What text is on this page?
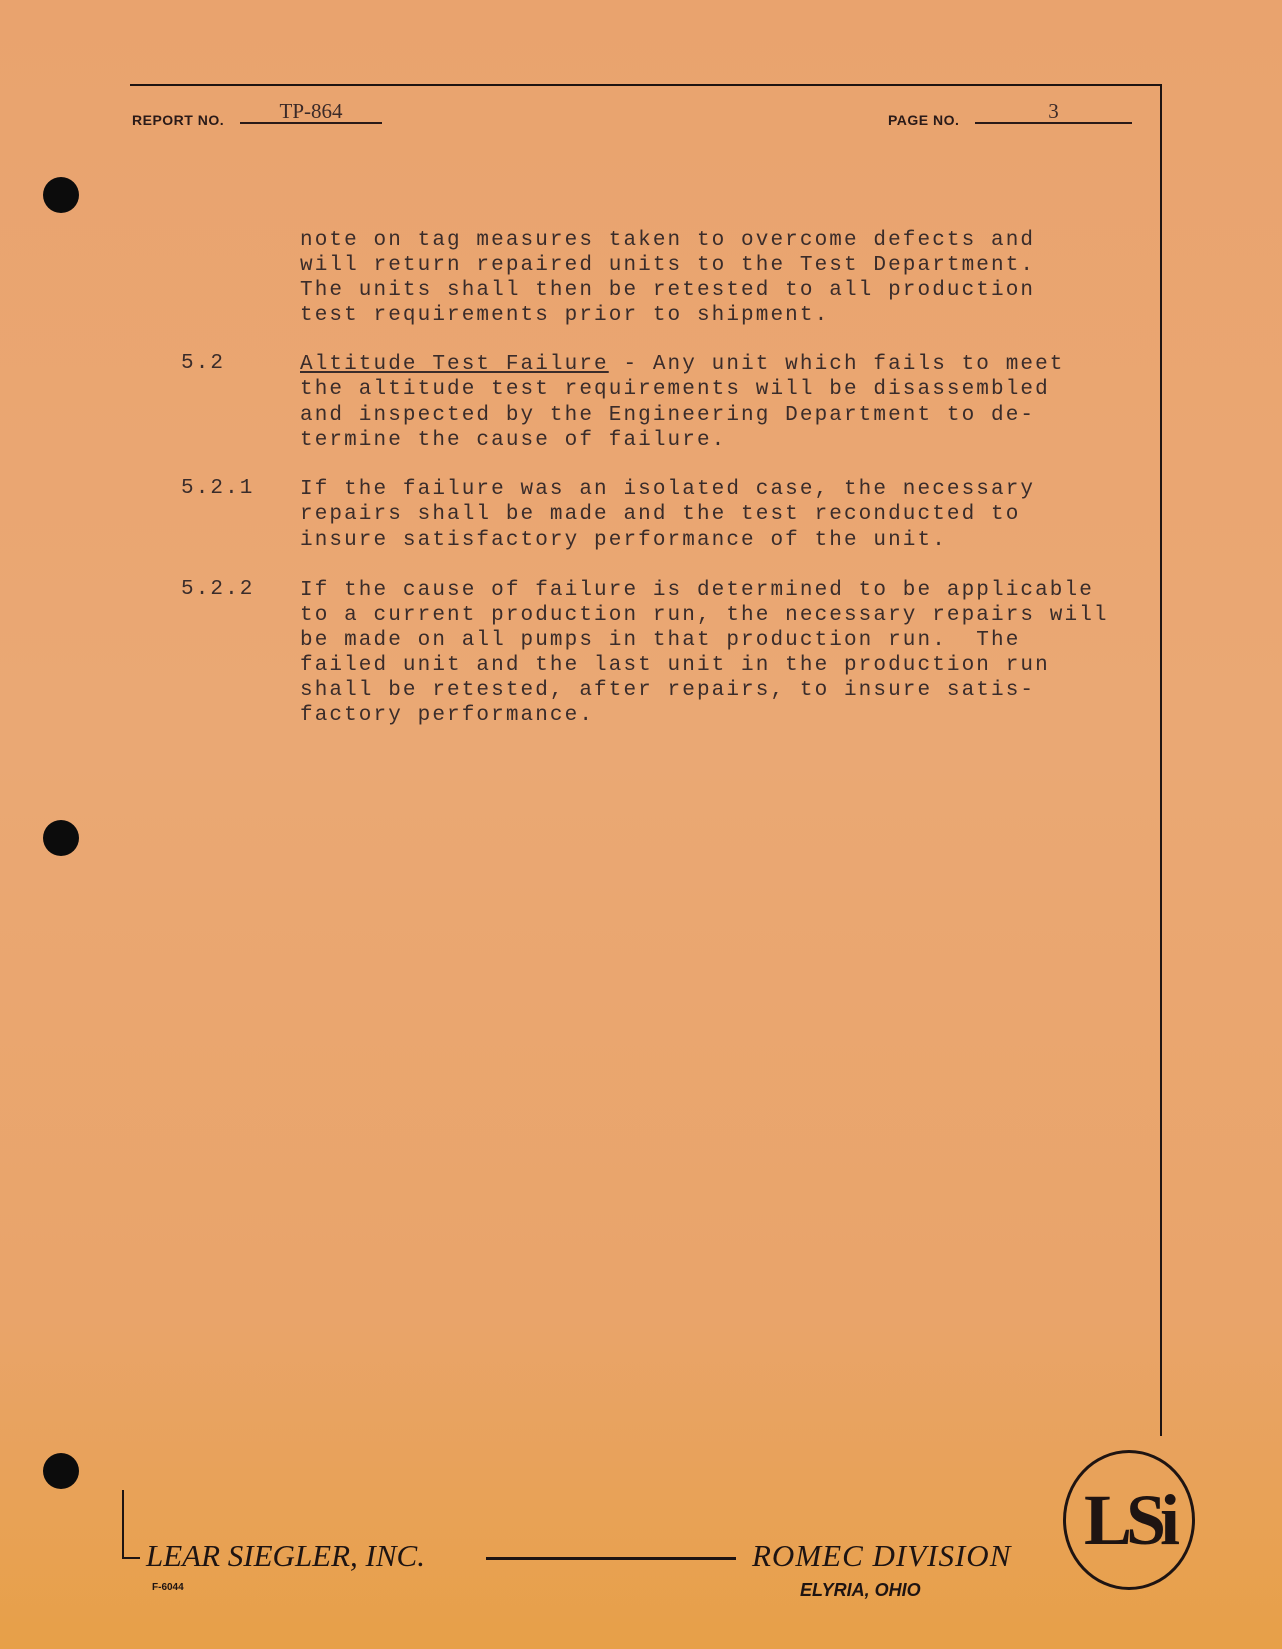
REPORT NO.	TP-864	PAGE NO.	3
note on tag measures taken to overcome defects and
will return repaired units to the Test Department.
The units shall then be retested to all production
test requirements prior to shipment.
5.2	Altitude Test Failure - Any unit which fails to meet
the altitude test requirements will be disassembled
and inspected by the Engineering Department to de-
termine the cause of failure.
5.2.1 If the failure was an isolated case, the necessary
repairs shall be made and the test reconducted to
insure satisfactory performance of the unit.
5.2.2 If the cause of failure is determined to be applicable
to a current production run, the necessary repairs will
be made on all pumps in that production run.  The
failed unit and the last unit in the production run
shall be retested, after repairs, to insure satis-
factory performance.
LEAR SIEGLER, INC.	ROMEC DIVISION
ELYRIA, OHIO
F-6044
LSi
